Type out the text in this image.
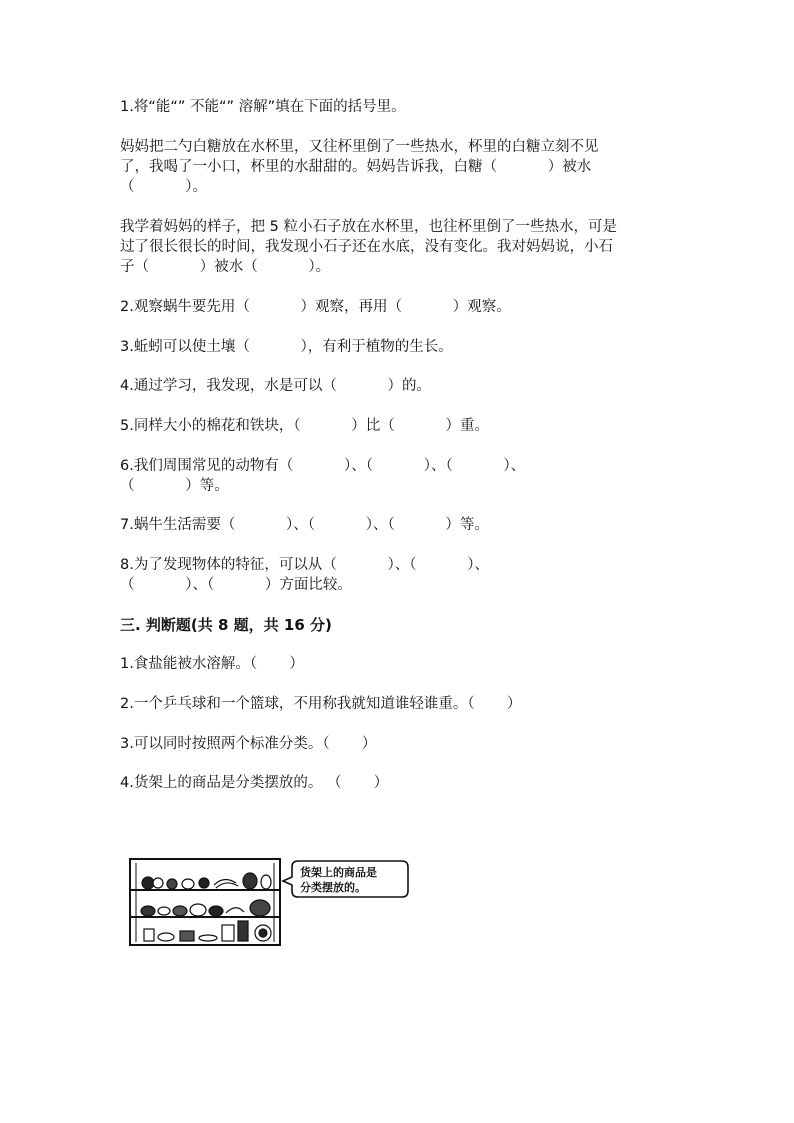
1.将“能“” 不能“” 溶解”填在下面的括号里。
妈妈把二勺白糖放在水杯里，又往杯里倒了一些热水，杯里的白糖立刻不见
了，我喝了一小口，杯里的水甜甜的。妈妈告诉我，白糖（           ）被水
（           ）。
我学着妈妈的样子，把 5 粒小石子放在水杯里，也往杯里倒了一些热水，可是
过了很长很长的时间，我发现小石子还在水底，没有变化。我对妈妈说，小石
子（           ）被水（           ）。
2.观察蜗牛要先用（           ）观察，再用（           ）观察。
3.蚯蚓可以使土壤（           ），有利于植物的生长。
4.通过学习，我发现，水是可以（           ）的。
5.同样大小的棉花和铁块，（           ）比（           ）重。
6.我们周围常见的动物有（           ）、（           ）、（           ）、
（           ）等。
7.蜗牛生活需要（           ）、（           ）、（           ）等。
8.为了发现物体的特征，可以从（           ）、（           ）、
（           ）、（           ）方面比较。
三. 判断题(共 8 题，共 16 分)
1.食盐能被水溶解。（       ）
2.一个乒乓球和一个篮球，不用称我就知道谁轻谁重。（       ）
3.可以同时按照两个标准分类。（       ）
4.货架上的商品是分类摆放的。 （       ）
货架上的商品是
分类摆放的。
